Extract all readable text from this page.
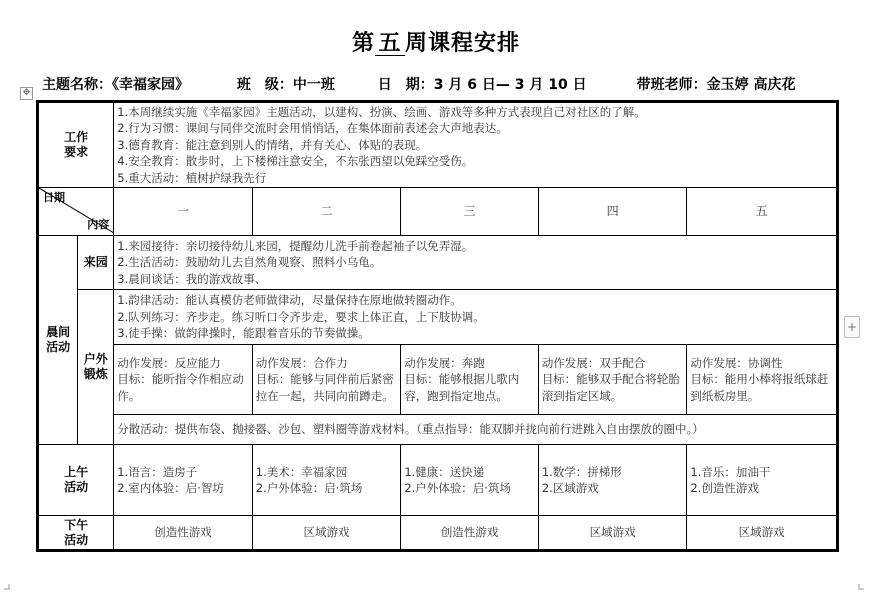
第 五 周课程安排
主题名称：《幸福家园》	班　级：中一班	日　期：3 月 6 日— 3 月 10 日	带班老师：金玉婷 高庆花
✥
+
工作
要求		1.本周继续实施《幸福家园》主题活动，以建构、扮演、绘画、游戏等多种方式表现自己对社区的了解。
2.行为习惯：课间与同伴交流时会用悄悄话，在集体面前表述会大声地表达。
3.德育教育：能注意到别人的情绪，并有关心、体贴的表现。
4.安全教育：散步时，上下楼梯注意安全，不东张西望以免踩空受伤。
5.重大活动：植树护绿我先行				

日期
内容		一	二	三	四	五

晨间
活动	来园	1.来园接待：亲切接待幼儿来园，提醒幼儿洗手前卷起袖子以免弄湿。
2.生活活动：鼓励幼儿去自然角观察、照料小乌龟。
3.晨间谈话：我的游戏故事、				

	户外
锻炼	1.韵律活动：能认真模仿老师做律动，尽量保持在原地做转圈动作。
2.队列练习：齐步走。练习听口令齐步走，要求上体正直，上下肢协调。
3.徒手操：做韵律操时，能跟着音乐的节奏做操。				

		动作发展：反应能力
目标：能听指令作相应动作。	动作发展：合作力
目标：能够与同伴前后紧密拉在一起，共同向前蹲走。	动作发展：奔跑
目标：能够根据儿歌内容，跑到指定地点。	动作发展：双手配合
目标：能够双手配合将轮胎滚到指定区域。	动作发展：协调性
目标：能用小棒将报纸球赶到纸板房里。

		分散活动：提供布袋、抛接器、沙包、塑料圈等游戏材料。（重点指导：能双脚并拢向前行进跳入自由摆放的圈中。）				

上午
活动		1.语言：造房子
2.室内体验：启·智坊	1.美术：幸福家园
2.户外体验：启·筑场	1.健康：送快递
2.户外体验：启·筑场	1.数学：拼梯形
2.区域游戏	1.音乐：加油干
2.创造性游戏

下午
活动		创造性游戏	区域游戏	创造性游戏	区域游戏	区域游戏
